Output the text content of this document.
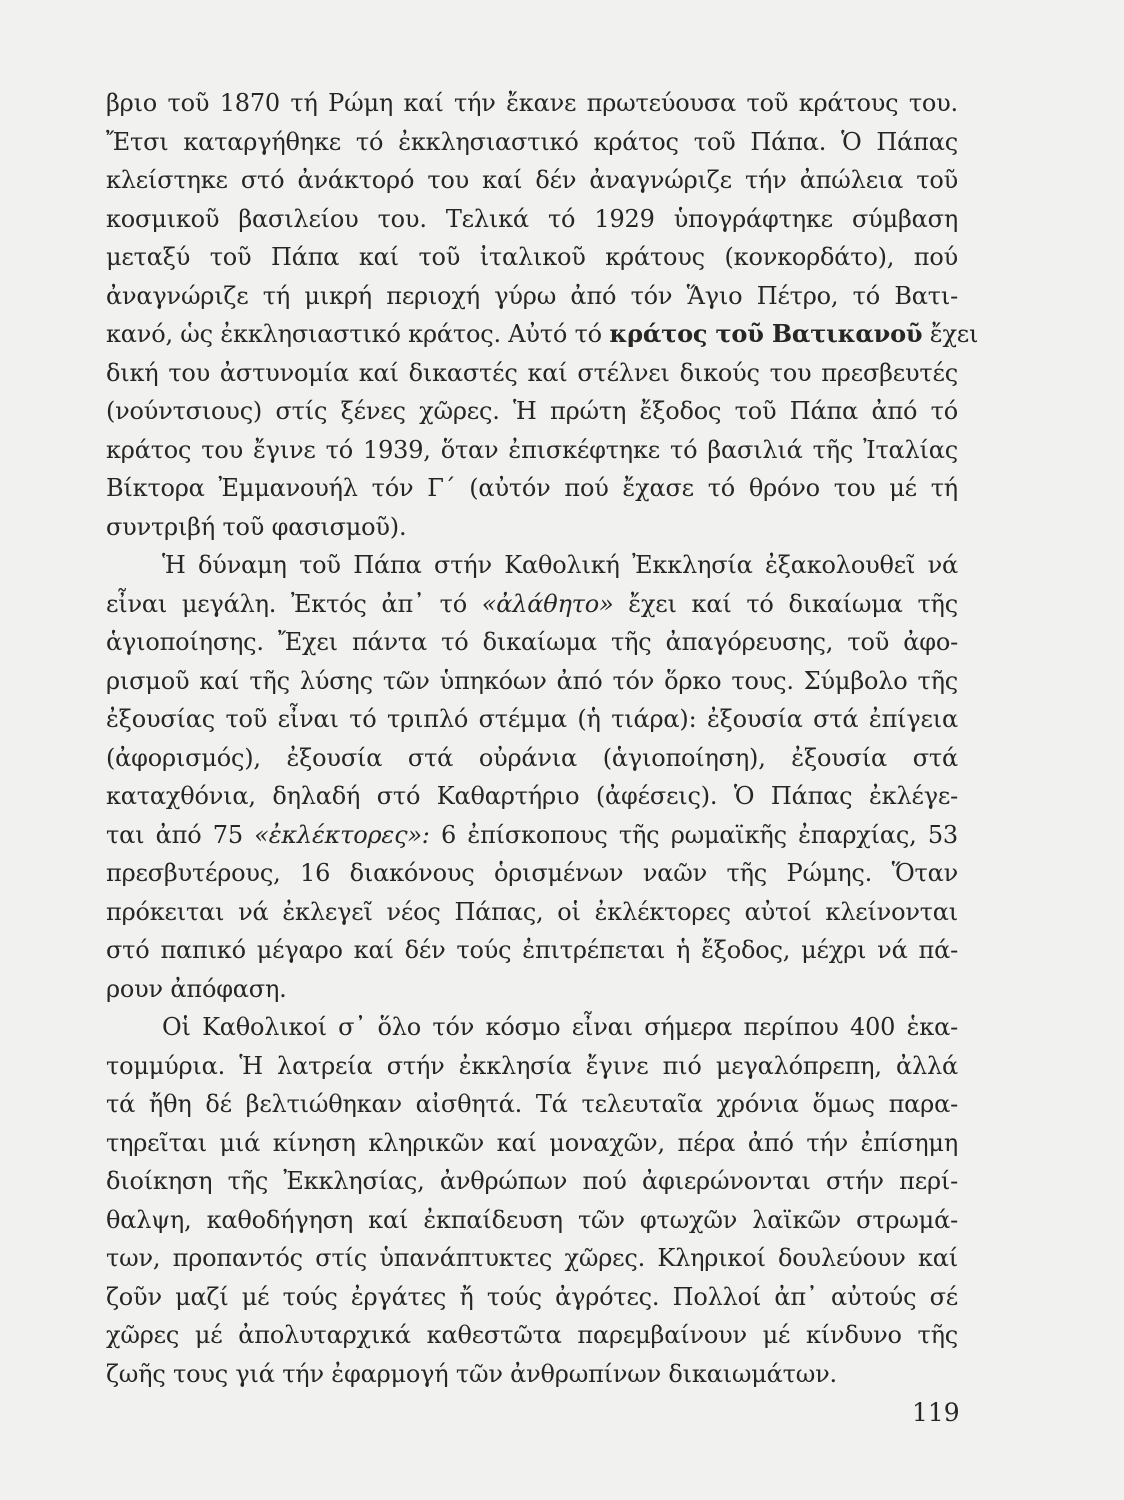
βριο τοῦ 1870 τή Ρώμη καί τήν ἔκανε πρωτεύουσα τοῦ κράτους του.
Ἔτσι καταργήθηκε τό ἐκκλησιαστικό κράτος τοῦ Πάπα. Ὁ Πάπας
κλείστηκε στό ἀνάκτορό του καί δέν ἀναγνώριζε τήν ἀπώλεια τοῦ
κοσμικοῦ βασιλείου του. Τελικά τό 1929 ὑπογράφτηκε σύμβαση
μεταξύ τοῦ Πάπα καί τοῦ ἰταλικοῦ κράτους (κονκορδάτο), πού
ἀναγνώριζε τή μικρή περιοχή γύρω ἀπό τόν Ἅγιο Πέτρο, τό Βατι-
κανό, ὡς ἐκκλησιαστικό κράτος. Αὐτό τό κράτος τοῦ Βατικανοῦ ἔχει
δική του ἀστυνομία καί δικαστές καί στέλνει δικούς του πρεσβευτές
(νούντσιους) στίς ξένες χῶρες. Ἡ πρώτη ἔξοδος τοῦ Πάπα ἀπό τό
κράτος του ἔγινε τό 1939, ὅταν ἐπισκέφτηκε τό βασιλιά τῆς Ἰταλίας
Βίκτορα Ἐμμανουήλ τόν Γ΄ (αὐτόν πού ἔχασε τό θρόνο του μέ τή
συντριβή τοῦ φασισμοῦ).
Ἡ δύναμη τοῦ Πάπα στήν Καθολική Ἐκκλησία ἐξακολουθεῖ νά
εἶναι μεγάλη. Ἐκτός ἀπ᾽ τό «ἀλάθητο» ἔχει καί τό δικαίωμα τῆς
ἁγιοποίησης. Ἔχει πάντα τό δικαίωμα τῆς ἀπαγόρευσης, τοῦ ἀφο-
ρισμοῦ καί τῆς λύσης τῶν ὑπηκόων ἀπό τόν ὅρκο τους. Σύμβολο τῆς
ἐξουσίας τοῦ εἶναι τό τριπλό στέμμα (ἡ τιάρα): ἐξουσία στά ἐπίγεια
(ἀφορισμός), ἐξουσία στά οὐράνια (ἁγιοποίηση), ἐξουσία στά
καταχθόνια, δηλαδή στό Καθαρτήριο (ἀφέσεις). Ὁ Πάπας ἐκλέγε-
ται ἀπό 75 «ἐκλέκτορες»: 6 ἐπίσκοπους τῆς ρωμαϊκῆς ἐπαρχίας, 53
πρεσβυτέρους, 16 διακόνους ὁρισμένων ναῶν τῆς Ρώμης. Ὅταν
πρόκειται νά ἐκλεγεῖ νέος Πάπας, οἱ ἐκλέκτορες αὐτοί κλείνονται
στό παπικό μέγαρο καί δέν τούς ἐπιτρέπεται ἡ ἔξοδος, μέχρι νά πά-
ρουν ἀπόφαση.
Οἱ Καθολικοί σ᾽ ὅλο τόν κόσμο εἶναι σήμερα περίπου 400 ἑκα-
τομμύρια. Ἡ λατρεία στήν ἐκκλησία ἔγινε πιό μεγαλόπρεπη, ἀλλά
τά ἤθη δέ βελτιώθηκαν αἰσθητά. Τά τελευταῖα χρόνια ὅμως παρα-
τηρεῖται μιά κίνηση κληρικῶν καί μοναχῶν, πέρα ἀπό τήν ἐπίσημη
διοίκηση τῆς Ἐκκλησίας, ἀνθρώπων πού ἀφιερώνονται στήν περί-
θαλψη, καθοδήγηση καί ἐκπαίδευση τῶν φτωχῶν λαϊκῶν στρωμά-
των, προπαντός στίς ὑπανάπτυκτες χῶρες. Κληρικοί δουλεύουν καί
ζοῦν μαζί μέ τούς ἐργάτες ἤ τούς ἀγρότες. Πολλοί ἀπ᾽ αὐτούς σέ
χῶρες μέ ἀπολυταρχικά καθεστῶτα παρεμβαίνουν μέ κίνδυνο τῆς
ζωῆς τους γιά τήν ἐφαρμογή τῶν ἀνθρωπίνων δικαιωμάτων.
119
